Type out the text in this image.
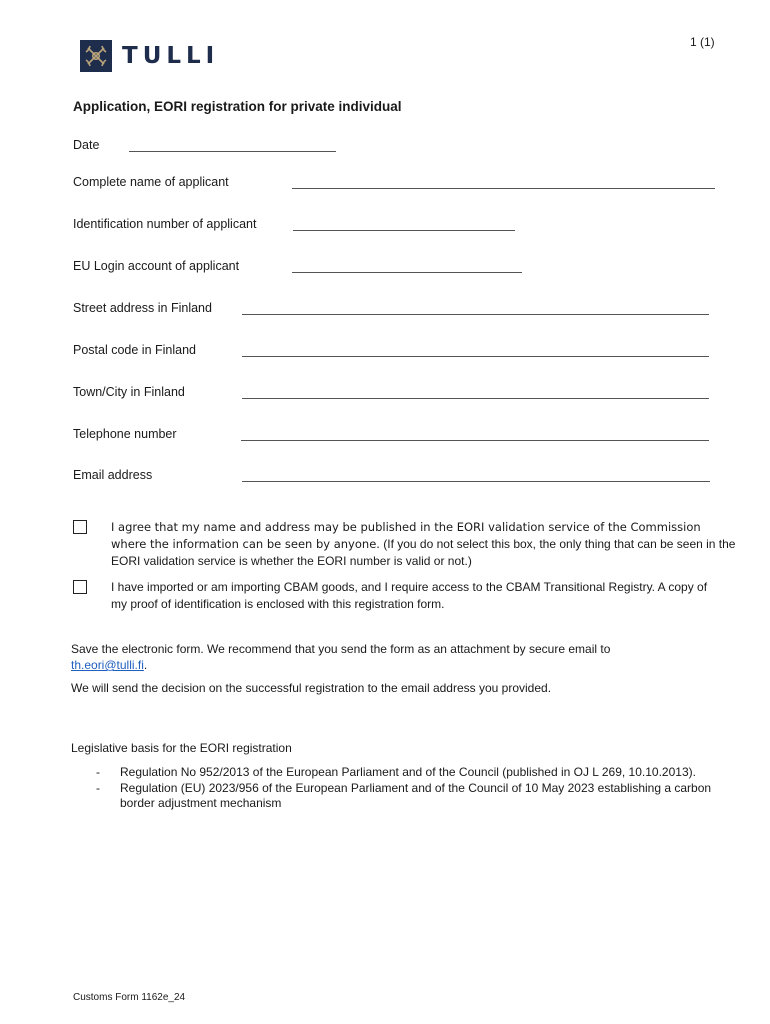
1 (1)
TULLI
Application, EORI registration for private individual
Date
Complete name of applicant
Identification number of applicant
EU Login account of applicant
Street address in Finland
Postal code in Finland
Town/City in Finland
Telephone number
Email address
I agree that my name and address may be published in the EORI validation service of the Commission where the information can be seen by anyone. (If you do not select this box, the only thing that can be seen in the EORI validation service is whether the EORI number is valid or not.)
I have imported or am importing CBAM goods, and I require access to the CBAM Transitional Registry. A copy of my proof of identification is enclosed with this registration form.
Save the electronic form. We recommend that you send the form as an attachment by secure email to
th.eori@tulli.fi.
We will send the decision on the successful registration to the email address you provided.
Legislative basis for the EORI registration
-	Regulation No 952/2013 of the European Parliament and of the Council (published in OJ L 269, 10.10.2013).
-	Regulation (EU) 2023/956 of the European Parliament and of the Council of 10 May 2023 establishing a carbon border adjustment mechanism
Customs Form 1162e_24
